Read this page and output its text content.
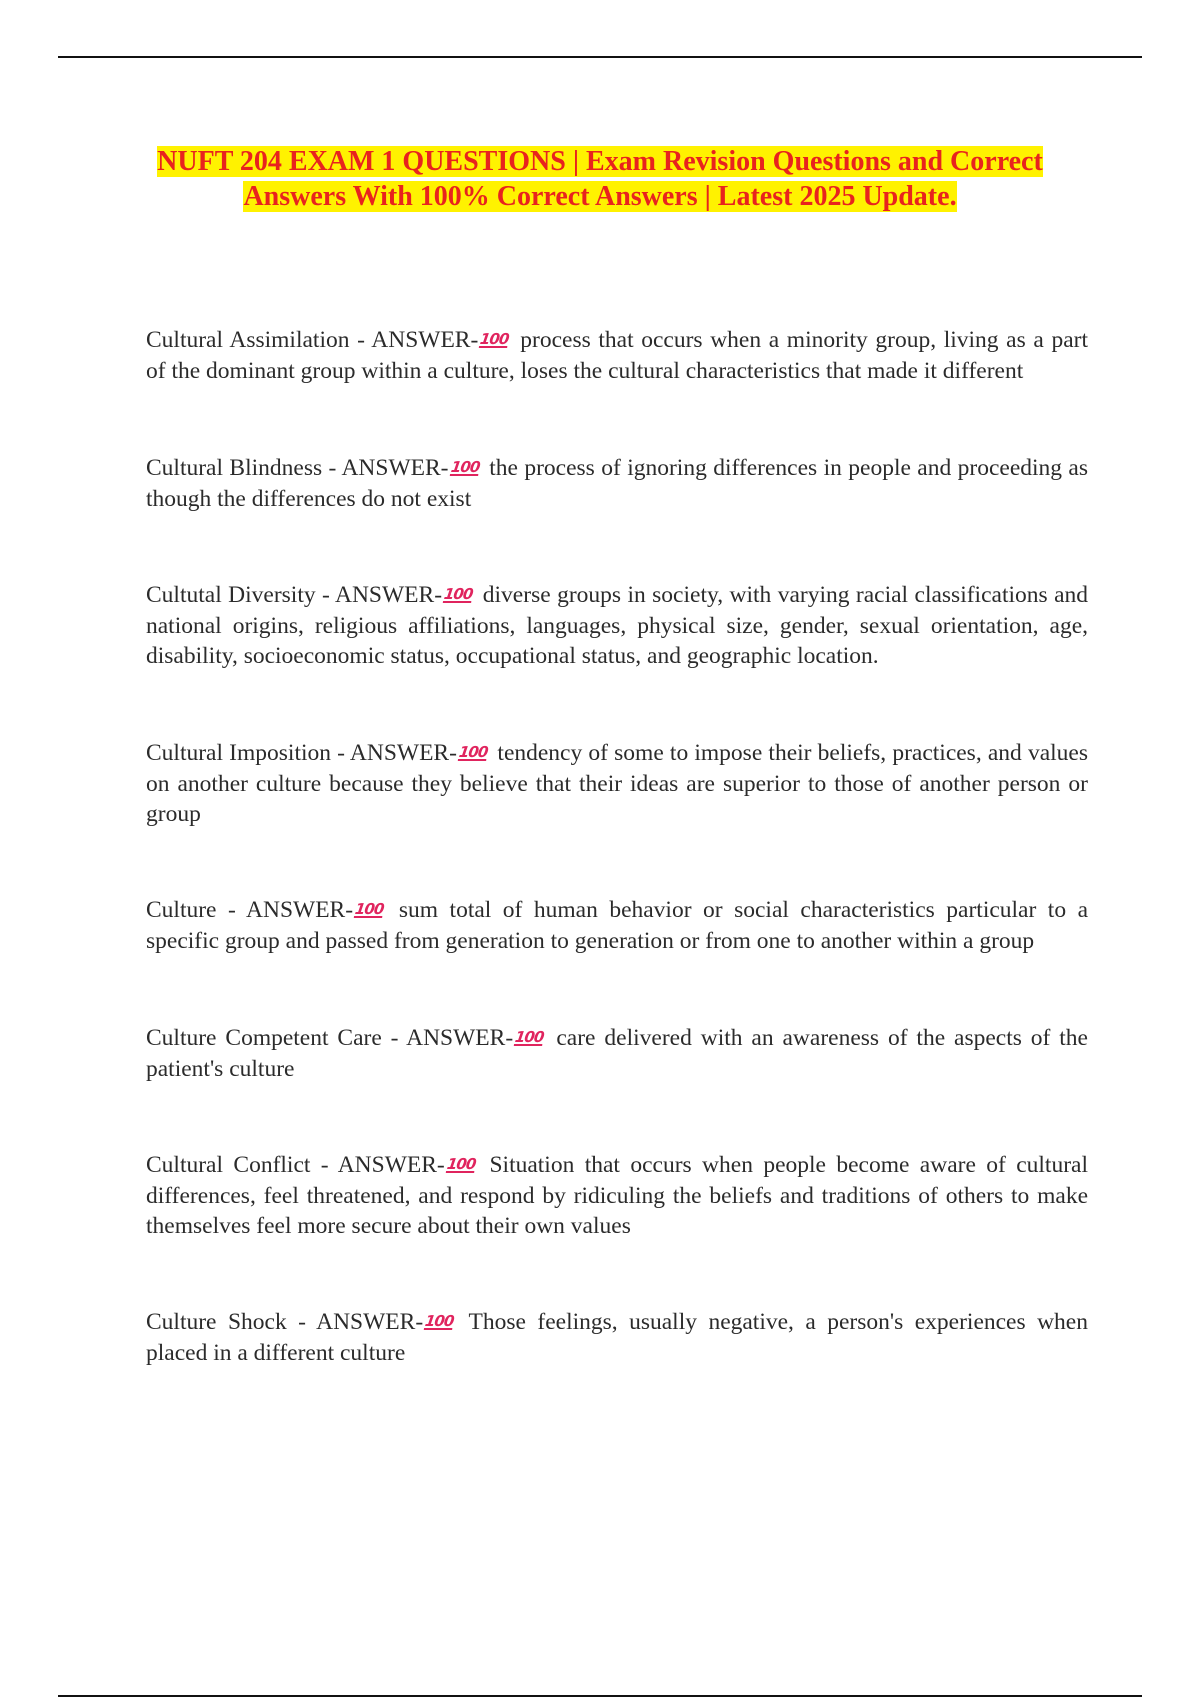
NUFT 204 EXAM 1 QUESTIONS | Exam Revision Questions and Correct
Answers With 100% Correct Answers | Latest 2025 Update.

Cultural Assimilation - ANSWER-100 process that occurs when a minority group, living as a part of the dominant group within a culture, loses the cultural characteristics that made it different

Cultural Blindness - ANSWER-100 the process of ignoring differences in people and proceeding as though the differences do not exist

Cultutal Diversity - ANSWER-100 diverse groups in society, with varying racial classifications and national origins, religious affiliations, languages, physical size, gender, sexual orientation, age, disability, socioeconomic status, occupational status, and geographic location.

Cultural Imposition - ANSWER-100 tendency of some to impose their beliefs, practices, and values on another culture because they believe that their ideas are superior to those of another person or group

Culture - ANSWER-100 sum total of human behavior or social characteristics particular to a specific group and passed from generation to generation or from one to another within a group

Culture Competent Care - ANSWER-100 care delivered with an awareness of the aspects of the patient's culture

Cultural Conflict - ANSWER-100 Situation that occurs when people become aware of cultural differences, feel threatened, and respond by ridiculing the beliefs and traditions of others to make themselves feel more secure about their own values

Culture Shock - ANSWER-100 Those feelings, usually negative, a person's experiences when placed in a different culture
